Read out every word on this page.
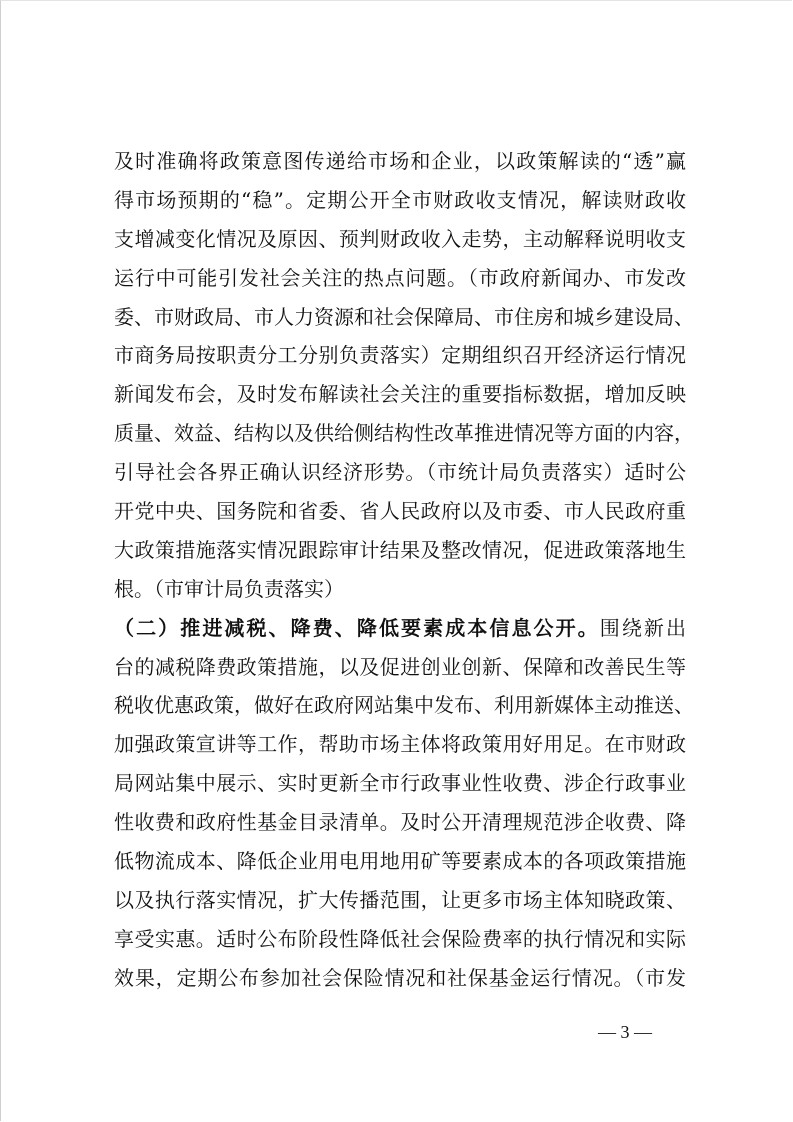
及时准确将政策意图传递给市场和企业，以政策解读的“透”赢
得市场预期的“稳”。定期公开全市财政收支情况，解读财政收
支增减变化情况及原因、预判财政收入走势，主动解释说明收支
运行中可能引发社会关注的热点问题。（市政府新闻办、市发改
委、市财政局、市人力资源和社会保障局、市住房和城乡建设局、
市商务局按职责分工分别负责落实）定期组织召开经济运行情况
新闻发布会，及时发布解读社会关注的重要指标数据，增加反映
质量、效益、结构以及供给侧结构性改革推进情况等方面的内容，
引导社会各界正确认识经济形势。（市统计局负责落实）适时公
开党中央、国务院和省委、省人民政府以及市委、市人民政府重
大政策措施落实情况跟踪审计结果及整改情况，促进政策落地生
根。（市审计局负责落实）
（二）推进减税、降费、降低要素成本信息公开。围绕新出
台的减税降费政策措施，以及促进创业创新、保障和改善民生等
税收优惠政策，做好在政府网站集中发布、利用新媒体主动推送、
加强政策宣讲等工作，帮助市场主体将政策用好用足。在市财政
局网站集中展示、实时更新全市行政事业性收费、涉企行政事业
性收费和政府性基金目录清单。及时公开清理规范涉企收费、降
低物流成本、降低企业用电用地用矿等要素成本的各项政策措施
以及执行落实情况，扩大传播范围，让更多市场主体知晓政策、
享受实惠。适时公布阶段性降低社会保险费率的执行情况和实际
效果，定期公布参加社会保险情况和社保基金运行情况。（市发
— 3 —
